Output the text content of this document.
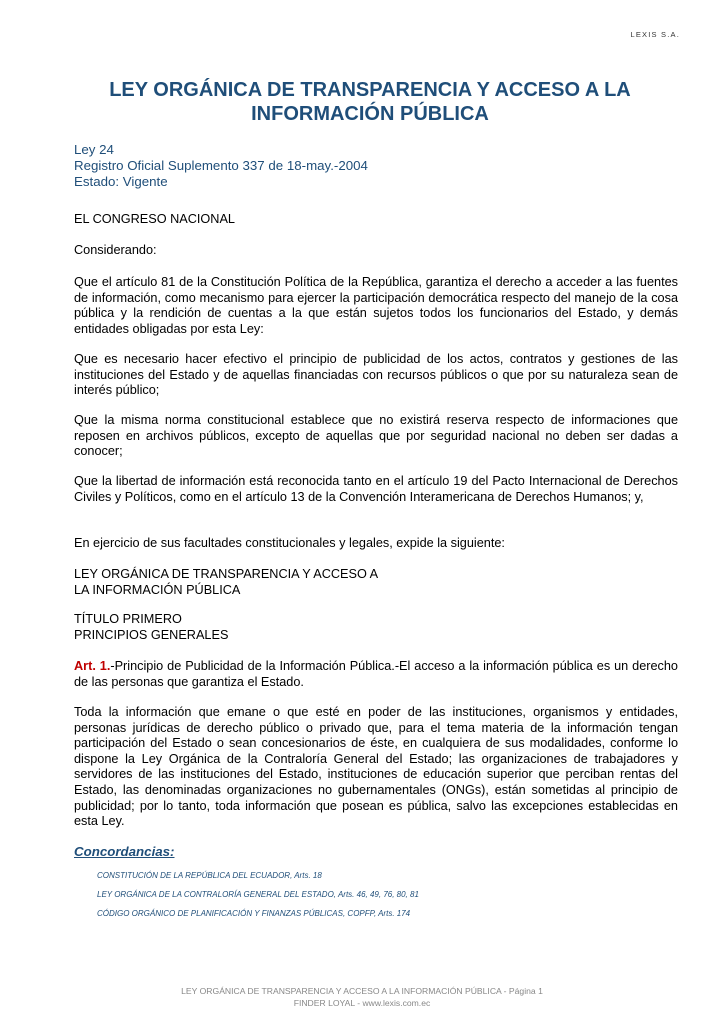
LEXIS S.A.
LEY ORGÁNICA DE TRANSPARENCIA Y ACCESO A LA
INFORMACIÓN PÚBLICA
Ley 24
Registro Oficial Suplemento 337 de 18-may.-2004
Estado: Vigente
EL CONGRESO NACIONAL
Considerando:
Que el artículo 81 de la Constitución Política de la República, garantiza el derecho a acceder a las fuentes de información, como mecanismo para ejercer la participación democrática respecto del manejo de la cosa pública y la rendición de cuentas a la que están sujetos todos los funcionarios del Estado, y demás entidades obligadas por esta Ley:
Que es necesario hacer efectivo el principio de publicidad de los actos, contratos y gestiones de las instituciones del Estado y de aquellas financiadas con recursos públicos o que por su naturaleza sean de interés público;
Que la misma norma constitucional establece que no existirá reserva respecto de informaciones que reposen en archivos públicos, excepto de aquellas que por seguridad nacional no deben ser dadas a conocer;
Que la libertad de información está reconocida tanto en el artículo 19 del Pacto Internacional de Derechos Civiles y Políticos, como en el artículo 13 de la Convención Interamericana de Derechos Humanos; y,
En ejercicio de sus facultades constitucionales y legales, expide la siguiente:
LEY ORGÁNICA DE TRANSPARENCIA Y ACCESO A
LA INFORMACIÓN PÚBLICA
TÍTULO PRIMERO
PRINCIPIOS GENERALES
Art. 1.-Principio de Publicidad de la Información Pública.-El acceso a la información pública es un derecho de las personas que garantiza el Estado.
Toda la información que emane o que esté en poder de las instituciones, organismos y entidades, personas jurídicas de derecho público o privado que, para el tema materia de la información tengan participación del Estado o sean concesionarios de éste, en cualquiera de sus modalidades, conforme lo dispone la Ley Orgánica de la Contraloría General del Estado; las organizaciones de trabajadores y servidores de las instituciones del Estado, instituciones de educación superior que perciban rentas del Estado, las denominadas organizaciones no gubernamentales (ONGs), están sometidas al principio de publicidad; por lo tanto, toda información que posean es pública, salvo las excepciones establecidas en esta Ley.
Concordancias:
CONSTITUCIÓN DE LA REPÚBLICA DEL ECUADOR, Arts. 18
LEY ORGÁNICA DE LA CONTRALORÍA GENERAL DEL ESTADO, Arts. 46, 49, 76, 80, 81
CÓDIGO ORGÁNICO DE PLANIFICACIÓN Y FINANZAS PÚBLICAS, COPFP, Arts. 174
LEY ORGÁNICA DE TRANSPARENCIA Y ACCESO A LA INFORMACIÓN PÚBLICA - Página 1
FINDER LOYAL - www.lexis.com.ec
